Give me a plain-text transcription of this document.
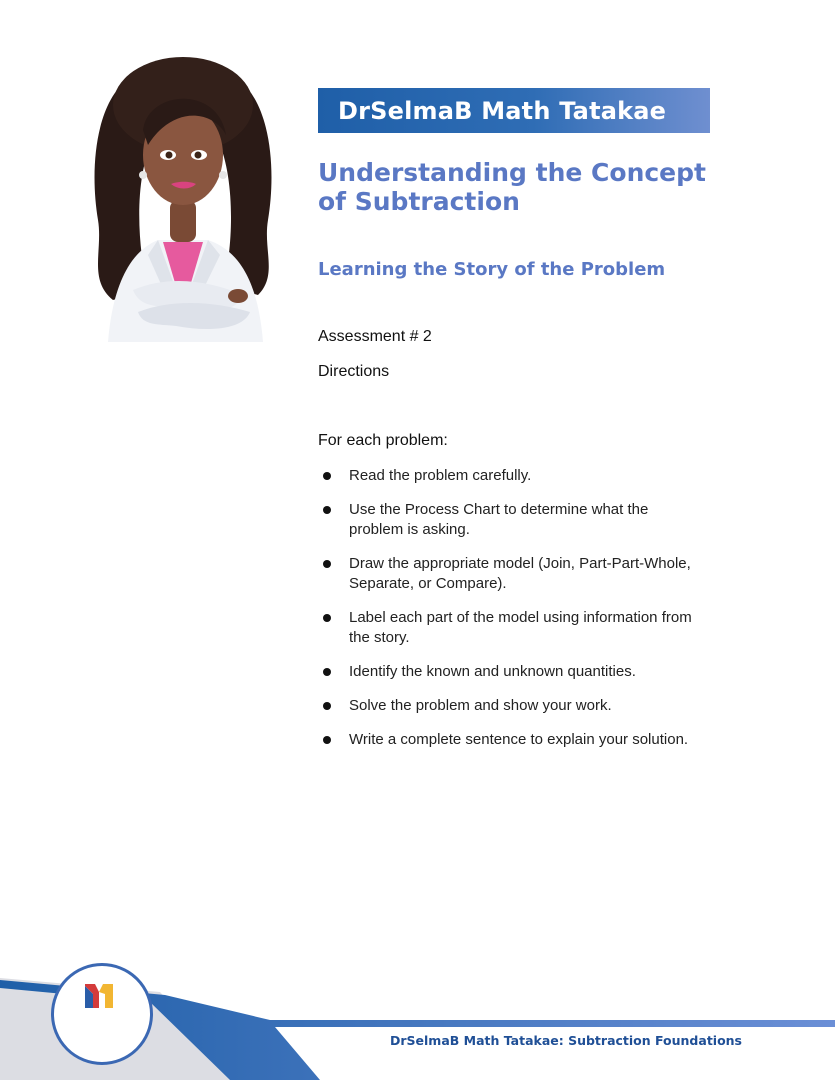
DrSelmaB Math Tatakae
Understanding the Concept of Subtraction
Learning the Story of the Problem
Assessment # 2
Directions
For each problem:
Read the problem carefully.
Use the Process Chart to determine what the problem is asking.
Draw the appropriate model (Join, Part-Part-Whole, Separate, or Compare).
Label each part of the model using information from the story.
Identify the known and unknown quantities.
Solve the problem and show your work.
Write a complete sentence to explain your solution.
DrSelmaB Math Tatakae: Subtraction Foundations
